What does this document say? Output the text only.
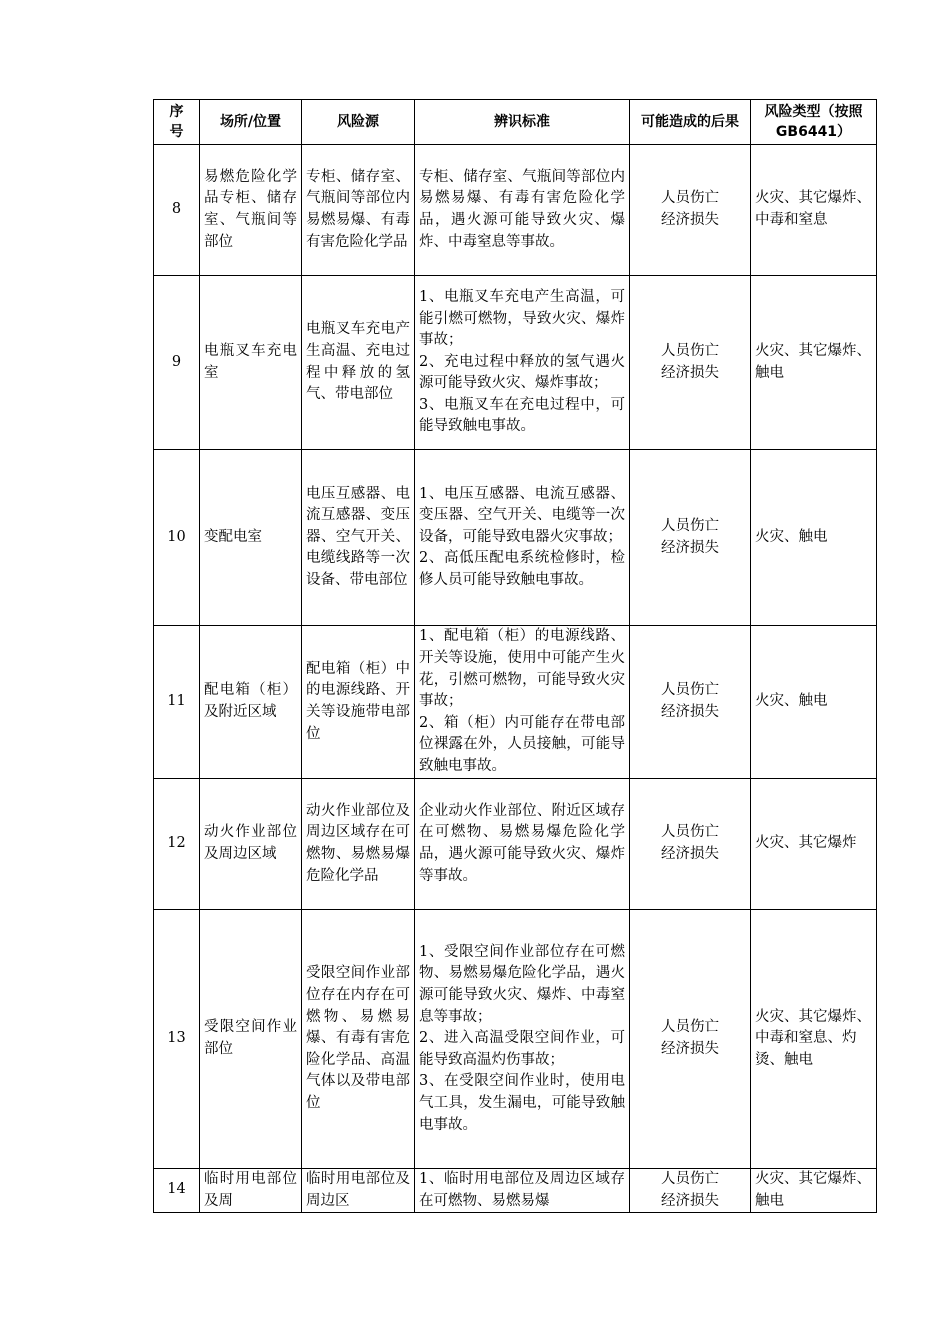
序号	场所/位置	风险源	辨识标准	可能造成的后果	风险类型（按照GB6441）
8	易燃危险化学品专柜、储存室、气瓶间等部位	专柜、储存室、气瓶间等部位内易燃易爆、有毒有害危险化学品	专柜、储存室、气瓶间等部位内易燃易爆、有毒有害危险化学品，遇火源可能导致火灾、爆炸、中毒窒息等事故。	人员伤亡 经济损失	火灾、其它爆炸、中毒和窒息
9	电瓶叉车充电室	电瓶叉车充电产生高温、充电过程中释放的氢气、带电部位	1、电瓶叉车充电产生高温，可能引燃可燃物，导致火灾、爆炸事故；
2、充电过程中释放的氢气遇火源可能导致火灾、爆炸事故；
3、电瓶叉车在充电过程中，可能导致触电事故。	人员伤亡 经济损失	火灾、其它爆炸、触电
10	变配电室	电压互感器、电流互感器、变压器、空气开关、电缆线路等一次设备、带电部位	1、电压互感器、电流互感器、变压器、空气开关、电缆等一次设备，可能导致电器火灾事故；
2、高低压配电系统检修时，检修人员可能导致触电事故。	人员伤亡 经济损失	火灾、触电
11	配电箱（柜）及附近区域	配电箱（柜）中的电源线路、开关等设施带电部位	1、配电箱（柜）的电源线路、开关等设施，使用中可能产生火花，引燃可燃物，可能导致火灾事故；
2、箱（柜）内可能存在带电部位裸露在外，人员接触，可能导致触电事故。	人员伤亡 经济损失	火灾、触电
12	动火作业部位及周边区域	动火作业部位及周边区域存在可燃物、易燃易爆危险化学品	企业动火作业部位、附近区域存在可燃物、易燃易爆危险化学品，遇火源可能导致火灾、爆炸等事故。	人员伤亡 经济损失	火灾、其它爆炸
13	受限空间作业部位	受限空间作业部位存在内存在可燃物、易燃易爆、有毒有害危险化学品、高温气体以及带电部位	1、受限空间作业部位存在可燃物、易燃易爆危险化学品，遇火源可能导致火灾、爆炸、中毒窒息等事故；
2、进入高温受限空间作业，可能导致高温灼伤事故；
3、在受限空间作业时，使用电气工具，发生漏电，可能导致触电事故。	人员伤亡 经济损失	火灾、其它爆炸、中毒和窒息、灼烫、触电
14	临时用电部位及周	临时用电部位及周边区	1、临时用电部位及周边区域存在可燃物、易燃易爆	人员伤亡 经济损失	火灾、其它爆炸、触电
